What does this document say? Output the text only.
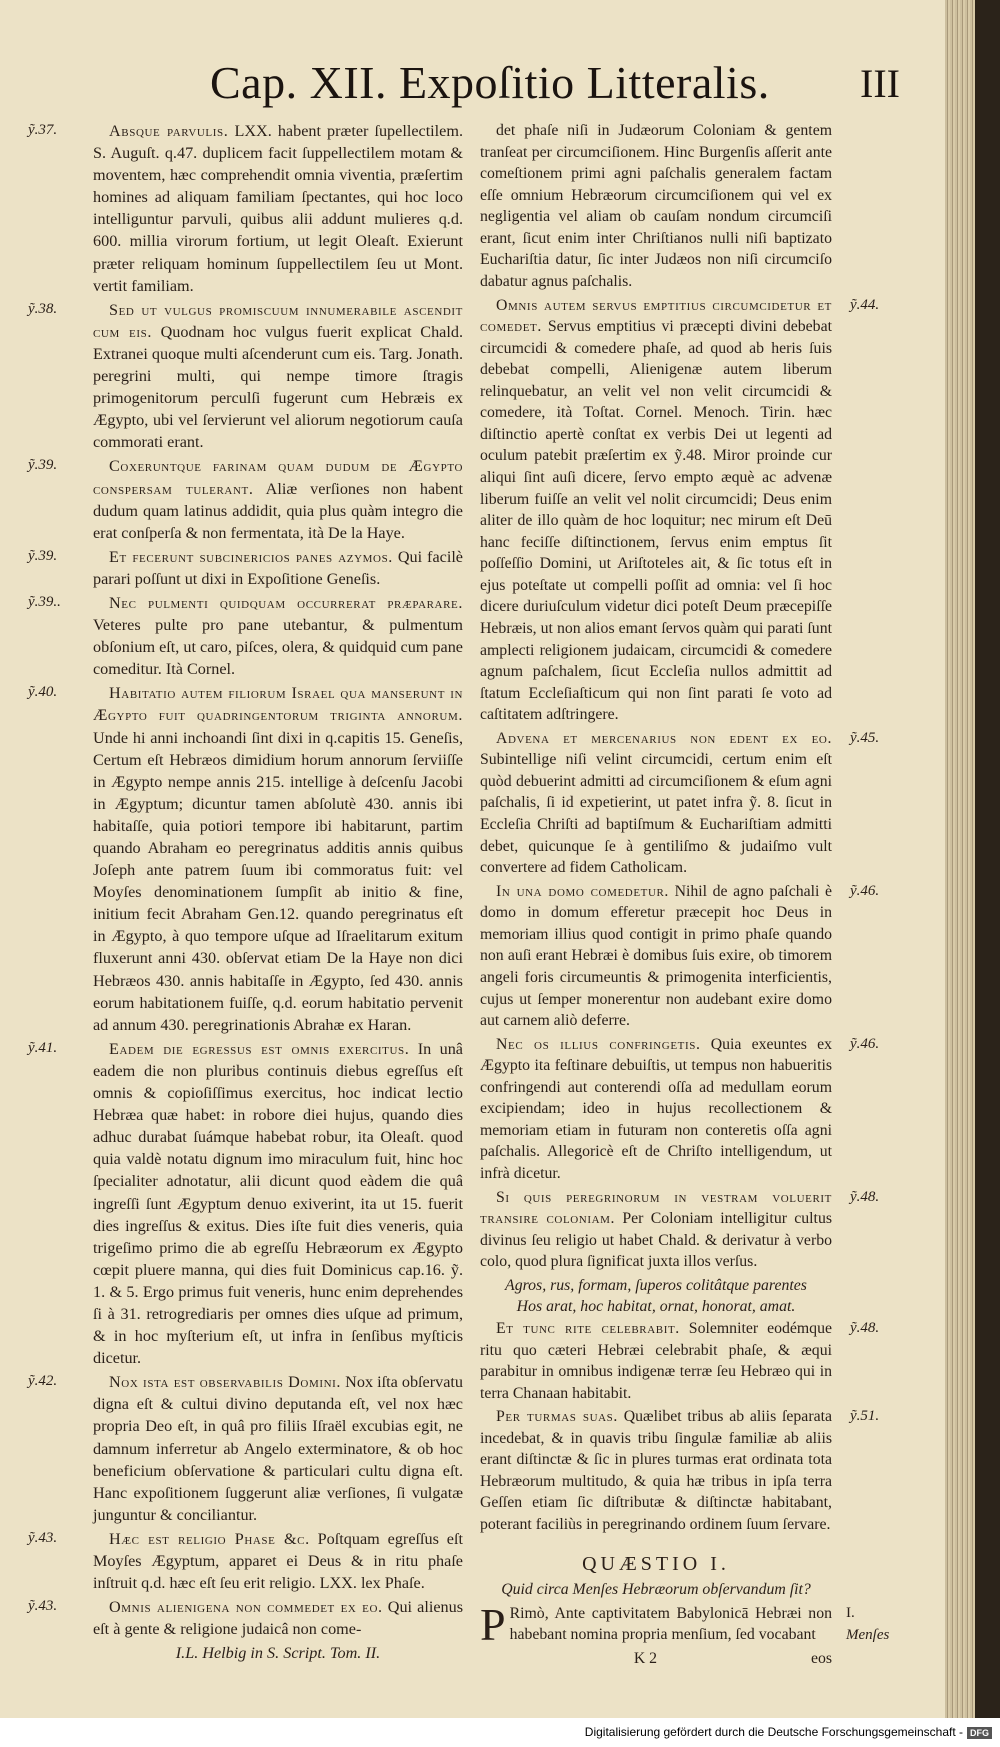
Cap. XII. Expoſitio Litteralis. III

Absque parvulis. LXX. habent præter ſupellectilem. S. Auguſt. q.47. duplicem facit ſuppellectilem motam & moventem, hæc comprehendit omnia viventia, præſertim homines ad aliquam familiam ſpectantes, qui hoc loco intelliguntur parvuli, quibus alii addunt mulieres q.d. 600. millia virorum fortium, ut legit Oleaſt. Exierunt præter reliquam hominum ſuppellectilem ſeu ut Mont. vertit familiam.

Sed ut vulgus promiscuum innumerabile ascendit cum eis. Quodnam hoc vulgus fuerit explicat Chald. Extranei quoque multi aſcenderunt cum eis. Targ. Jonath. peregrini multi, qui nempe timore ſtragis primogenitorum perculſi fugerunt cum Hebræis ex Ægypto, ubi vel ſervierunt vel aliorum negotiorum cauſa commorati erant.

Coxeruntque farinam quam dudum de Ægypto conspersam tulerant. Aliæ verſiones non habent dudum quam latinus addidit, quia plus quàm integro die erat conſperſa & non fermentata, ità De la Haye.

Et fecerunt subcinericios panes azymos. Qui facilè parari poſſunt ut dixi in Expoſitione Geneſis.

Nec pulmenti quidquam occurrerat præparare. Veteres pulte pro pane utebantur, & pulmentum obſonium eſt, ut caro, piſces, olera, & quidquid cum pane comeditur. Ità Cornel.

Habitatio autem filiorum Israel qua manserunt in Ægypto fuit quadringentorum triginta annorum. Unde hi anni inchoandi ſint dixi in q.capitis 15. Geneſis, Certum eſt Hebræos dimidium horum annorum ſerviiſſe in Ægypto nempe annis 215. intellige à deſcenſu Jacobi in Ægyptum; dicuntur tamen abſolutè 430. annis ibi habitaſſe, quia potiori tempore ibi habitarunt, partim quando Abraham eo peregrinatus additis annis quibus Joſeph ante patrem ſuum ibi commoratus fuit: vel Moyſes denominationem ſumpſit ab initio & fine, initium fecit Abraham Gen.12. quando peregrinatus eſt in Ægypto, à quo tempore uſque ad Iſraelitarum exitum fluxerunt anni 430. obſervat etiam De la Haye non dici Hebræos 430. annis habitaſſe in Ægypto, ſed 430. annis eorum habitationem fuiſſe, q.d. eorum habitatio pervenit ad annum 430. peregrinationis Abrahæ ex Haran.

Eadem die egressus est omnis exercitus. In unâ eadem die non pluribus continuis diebus egreſſus eſt omnis & copioſiſſimus exercitus, hoc indicat lectio Hebræa quæ habet: in robore diei hujus, quando dies adhuc durabat ſuámque habebat robur, ita Oleaſt. quod quia valdè notatu dignum imo miraculum fuit, hinc hoc ſpecialiter adnotatur, alii dicunt quod eàdem die quâ ingreſſi ſunt Ægyptum denuo exiverint, ita ut 15. fuerit dies ingreſſus & exitus. Dies iſte fuit dies veneris, quia trigeſimo primo die ab egreſſu Hebræorum ex Ægypto cœpit pluere manna, qui dies fuit Dominicus cap.16. ỹ. 1. & 5. Ergo primus fuit veneris, hunc enim deprehendes ſi à 31. retrogrediaris per omnes dies uſque ad primum, & in hoc myſterium eſt, ut infra in ſenſibus myſticis dicetur.

Nox ista est observabilis Domini. Nox iſta obſervatu digna eſt & cultui divino deputanda eſt, vel nox hæc propria Deo eſt, in quâ pro filiis Iſraël excubias egit, ne damnum inferretur ab Angelo exterminatore, & ob hoc beneficium obſervatione & particulari cultu digna eſt. Hanc expoſitionem ſuggerunt aliæ verſiones, ſi vulgatæ junguntur & conciliantur.

Hæc est religio Phase &c. Poſtquam egreſſus eſt Moyſes Ægyptum, apparet ei Deus & in ritu phaſe inſtruit q.d. hæc eſt ſeu erit religio. LXX. lex Phaſe.

Omnis alienigena non commedet ex eo. Qui alienus eſt à gente & religione judaicâ non come-

I.L. Helbig in S. Script. Tom. II.

det phaſe niſi in Judæorum Coloniam & gentem tranſeat per circumciſionem. Hinc Burgenſis aſſerit ante comeſtionem primi agni paſchalis generalem factam eſſe omnium Hebræorum circumciſionem qui vel ex negligentia vel aliam ob cauſam nondum circumciſi erant, ſicut enim inter Chriſtianos nulli niſi baptizato Euchariſtia datur, ſic inter Judæos non niſi circumciſo dabatur agnus paſchalis.

Omnis autem servus emptitius circumcidetur et comedet. Servus emptitius vi præcepti divini debebat circumcidi & comedere phaſe, ad quod ab heris ſuis debebat compelli, Alienigenæ autem liberum relinquebatur, an velit vel non velit circumcidi & comedere, ità Toſtat. Cornel. Menoch. Tirin. hæc diſtinctio apertè conſtat ex verbis Dei ut legenti ad oculum patebit præſertim ex ỹ.48. Miror proinde cur aliqui ſint auſi dicere, ſervo empto æquè ac advenæ liberum fuiſſe an velit vel nolit circumcidi; Deus enim aliter de illo quàm de hoc loquitur; nec mirum eſt Deū hanc feciſſe diſtinctionem, ſervus enim emptus ſit poſſeſſio Domini, ut Ariſtoteles ait, & ſic totus eſt in ejus poteſtate ut compelli poſſit ad omnia: vel ſi hoc dicere duriuſculum videtur dici poteſt Deum præcepiſſe Hebræis, ut non alios emant ſervos quàm qui parati ſunt amplecti religionem judaicam, circumcidi & comedere agnum paſchalem, ſicut Eccleſia nullos admittit ad ſtatum Eccleſiaſticum qui non ſint parati ſe voto ad caſtitatem adſtringere.

Advena et mercenarius non edent ex eo. Subintellige niſi velint circumcidi, certum enim eſt quòd debuerint admitti ad circumciſionem & eſum agni paſchalis, ſi id expetierint, ut patet infra ỹ. 8. ſicut in Eccleſia Chriſti ad baptiſmum & Euchariſtiam admitti debet, quicunque ſe à gentiliſmo & judaiſmo vult convertere ad fidem Catholicam.

In una domo comedetur. Nihil de agno paſchali è domo in domum efferetur præcepit hoc Deus in memoriam illius quod contigit in primo phaſe quando non auſi erant Hebræi è domibus ſuis exire, ob timorem angeli foris circumeuntis & primogenita interficientis, cujus ut ſemper monerentur non audebant exire domo aut carnem aliò deferre.

Nec os illius confringetis. Quia exeuntes ex Ægypto ita feſtinare debuiſtis, ut tempus non habueritis confringendi aut conterendi oſſa ad medullam eorum excipiendam; ideo in hujus recollectionem & memoriam etiam in futuram non conteretis oſſa agni paſchalis. Allegoricè eſt de Chriſto intelligendum, ut infrà dicetur.

Si quis peregrinorum in vestram voluerit transire coloniam. Per Coloniam intelligitur cultus divinus ſeu religio ut habet Chald. & derivatur à verbo colo, quod plura ſignificat juxta illos verſus.

Agros, rus, formam, ſuperos colitâtque parentes

Hos arat, hoc habitat, ornat, honorat, amat.

Et tunc rite celebrabit. Solemniter eodémque ritu quo cæteri Hebræi celebrabit phaſe, & æqui parabitur in omnibus indigenæ terræ ſeu Hebræo qui in terra Chanaan habitabit.

Per turmas suas. Quælibet tribus ab aliis ſeparata incedebat, & in quavis tribu ſingulæ familiæ ab aliis erant diſtinctæ & ſic in plures turmas erat ordinata tota Hebræorum multitudo, & quia hæ tribus in ipſa terra Geſſen etiam ſic diſtributæ & diſtinctæ habitabant, poterant faciliùs in peregrinando ordinem ſuum ſervare.

QUÆSTIO I.

Quid circa Menſes Hebræorum obſervandum ſit?

P Rimò, Ante captivitatem Babylonicā Hebræi non habebant nomina propria menſium, ſed vocabant

K 2	eos

ỹ.37.
ỹ.38.
ỹ.39.
ỹ.39.
ỹ.39..
ỹ.40.
ỹ.41.
ỹ.42.
ỹ.43.
ỹ.43.
ỹ.44.
ỹ.45.
ỹ.46.
ỹ.46.
ỹ.48.
ỹ.48.
ỹ.51.
I.
Menſes
Digitalisierung gefördert durch die Deutsche Forschungsgemeinschaft - DFG
